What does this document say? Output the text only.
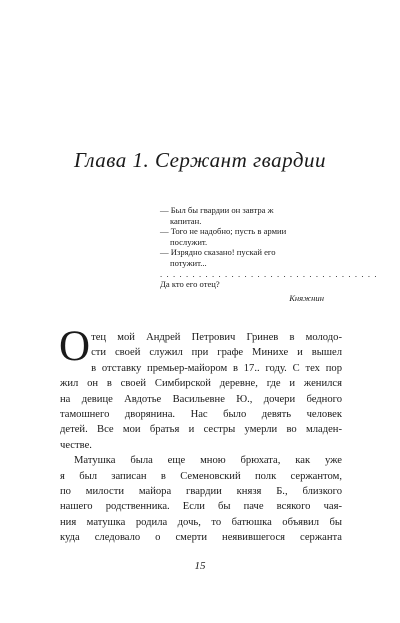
Глава 1. Сержант гвардии

— Был бы гвардии он завтра ж

капитан.

— Того не надобно; пусть в армии

послужит.

— Изрядно сказано! пускай его

потужит...

. . . . . . . . . . . . . . . . . . . . . . . . . . . . . . . . . .

Да кто его отец?

Княжнин

О тец мой Андрей Петрович Гринев в молодо-
сти своей служил при графе Минихе и вышел
в отставку премьер-майором в 17.. году. С тех пор
жил он в своей Симбирской деревне, где и женился
на девице Авдотье Васильевне Ю., дочери бедного
тамошнего дворянина. Нас было девять человек
детей. Все мои братья и сестры умерли во младен-
честве.
Матушка была еще мною брюхата, как уже
я был записан в Семеновский полк сержантом,
по милости майора гвардии князя Б., близкого
нашего родственника. Если бы паче всякого чая-
ния матушка родила дочь, то батюшка объявил бы
куда следовало о смерти неявившегося сержанта
15
